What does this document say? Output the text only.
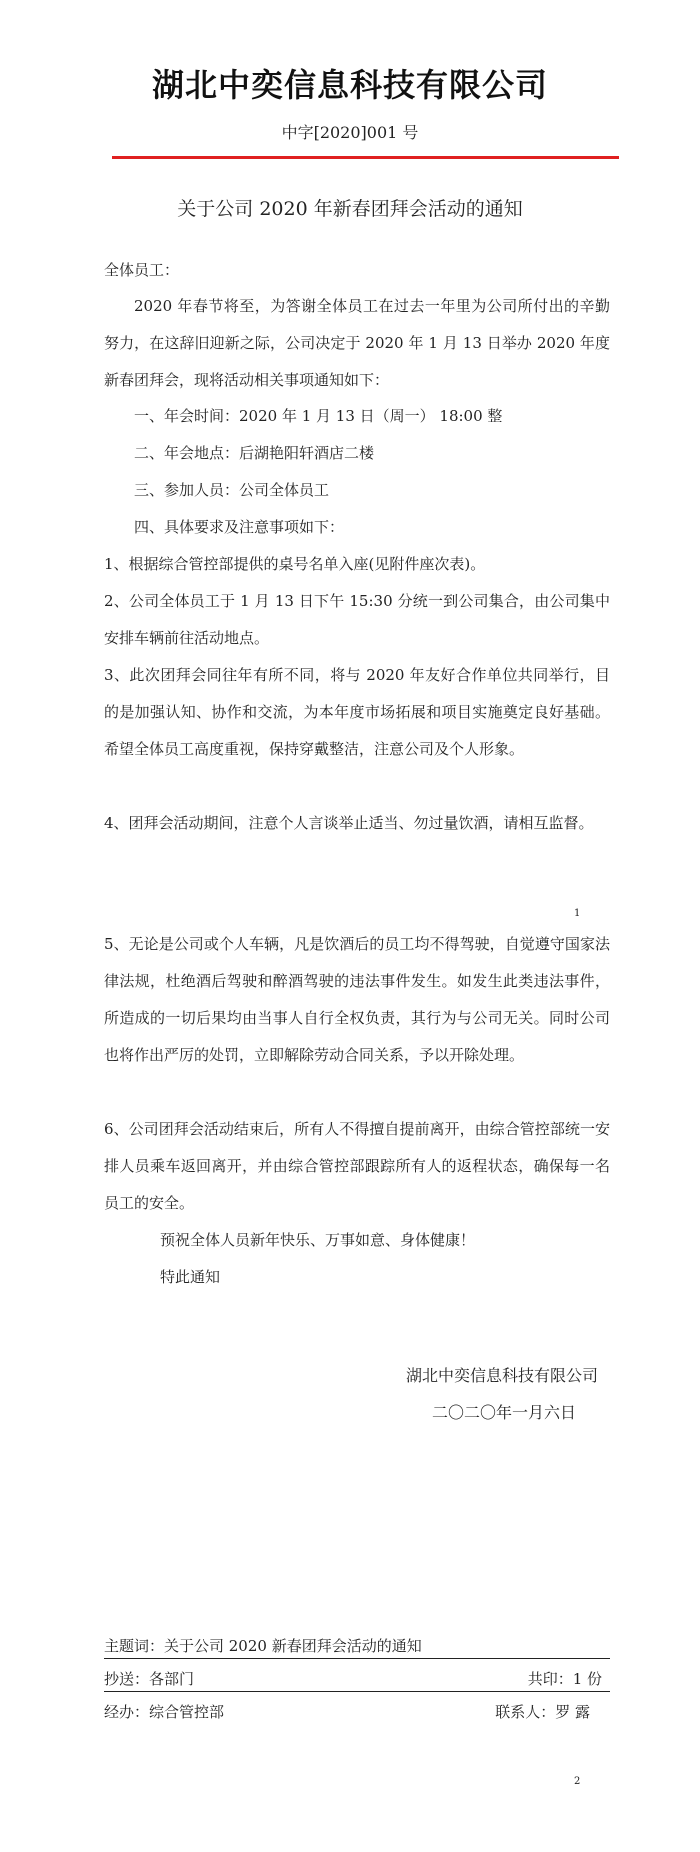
湖北中奕信息科技有限公司
中字[2020]001 号
关于公司 2020 年新春团拜会活动的通知
全体员工：
2020 年春节将至，为答谢全体员工在过去一年里为公司所付出的辛勤努力，在这辞旧迎新之际，公司决定于 2020 年 1 月 13 日举办 2020 年度新春团拜会，现将活动相关事项通知如下：
一、年会时间：2020 年 1 月 13 日（周一） 18:00 整
二、年会地点：后湖艳阳轩酒店二楼
三、参加人员：公司全体员工
四、具体要求及注意事项如下：
1、根据综合管控部提供的桌号名单入座(见附件座次表)。
2、公司全体员工于 1 月 13 日下午 15:30 分统一到公司集合，由公司集中安排车辆前往活动地点。
3、此次团拜会同往年有所不同，将与 2020 年友好合作单位共同举行，目的是加强认知、协作和交流，为本年度市场拓展和项目实施奠定良好基础。希望全体员工高度重视，保持穿戴整洁，注意公司及个人形象。
4、团拜会活动期间，注意个人言谈举止适当、勿过量饮酒，请相互监督。
1
5、无论是公司或个人车辆，凡是饮酒后的员工均不得驾驶，自觉遵守国家法律法规，杜绝酒后驾驶和醉酒驾驶的违法事件发生。如发生此类违法事件，所造成的一切后果均由当事人自行全权负责，其行为与公司无关。同时公司也将作出严厉的处罚，立即解除劳动合同关系，予以开除处理。
6、公司团拜会活动结束后，所有人不得擅自提前离开，由综合管控部统一安排人员乘车返回离开，并由综合管控部跟踪所有人的返程状态，确保每一名员工的安全。
预祝全体人员新年快乐、万事如意、身体健康！
特此通知
湖北中奕信息科技有限公司
二〇二〇年一月六日
主题词：关于公司 2020 新春团拜会活动的通知
抄送：各部门	共印：1 份
经办：综合管控部	联系人：罗 露
2
